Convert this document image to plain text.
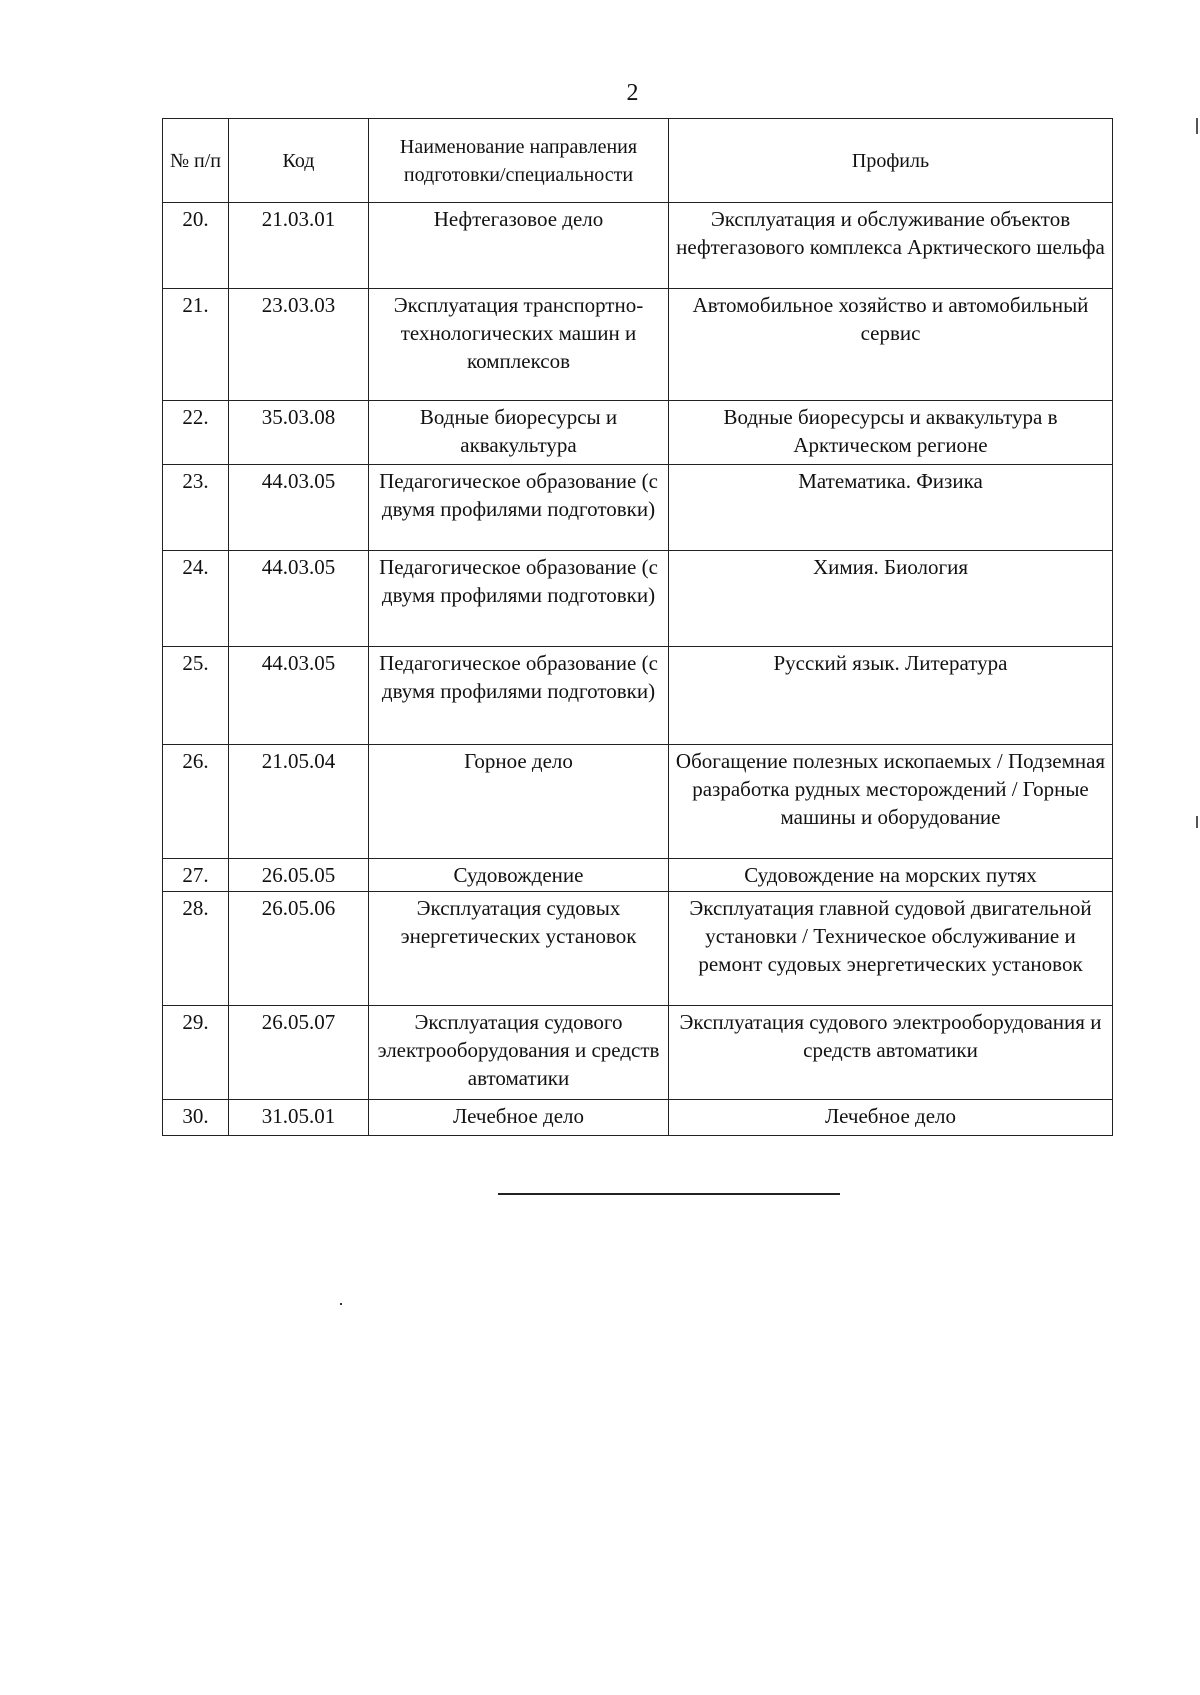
2
№ п/п	Код	Наименование направления подготовки/специальности	Профиль
20.	21.03.01	Нефтегазовое дело	Эксплуатация и обслуживание объектов нефтегазового комплекса Арктического шельфа
21.	23.03.03	Эксплуатация транспортно-технологических машин и комплексов	Автомобильное хозяйство и автомобильный сервис
22.	35.03.08	Водные биоресурсы и аквакультура	Водные биоресурсы и аквакультура в Арктическом регионе
23.	44.03.05	Педагогическое образование (с двумя профилями подготовки)	Математика. Физика
24.	44.03.05	Педагогическое образование (с двумя профилями подготовки)	Химия. Биология
25.	44.03.05	Педагогическое образование (с двумя профилями подготовки)	Русский язык. Литература
26.	21.05.04	Горное дело	Обогащение полезных ископаемых / Подземная разработка рудных месторождений / Горные машины и оборудование
27.	26.05.05	Судовождение	Судовождение на морских путях
28.	26.05.06	Эксплуатация судовых энергетических установок	Эксплуатация главной судовой двигательной установки / Техническое обслуживание и ремонт судовых энергетических установок
29.	26.05.07	Эксплуатация судового электрооборудования и средств автоматики	Эксплуатация судового электрооборудования и средств автоматики
30.	31.05.01	Лечебное дело	Лечебное дело
